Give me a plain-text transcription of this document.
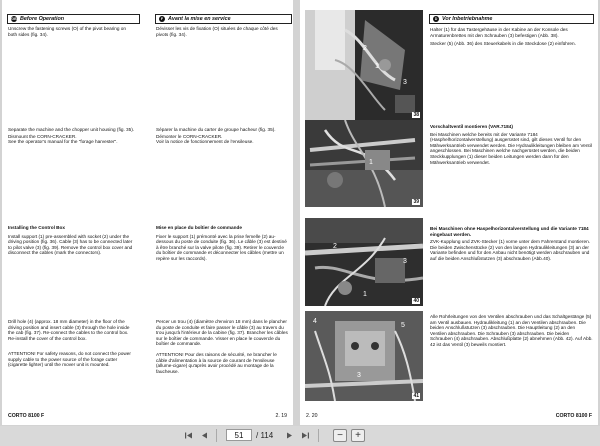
GB Before Operation	F Avant la mise en service

Unscrew the fastening screws (O) of the pivot bearing on both sides (fig. 34).

Separate the machine and the chopper unit housing (fig. 35).

Dismount the CORN-CRACKER.

See the operator's manual for the "forage harvester".

Installing the Control Box

Install support (1) pre-assembled with socket (2) under the driving position (fig. 36). Cable (3) has to be connected later to pilot valve (3) (fig. 39). Remove the control box cover and disconnect the cables (mark the connectors).

Drill hole (4) (approx. 18 mm diameter) in the floor of the driving position and insert cable (3) through the hole inside the cab (fig. 37). Re-connect the cables to the control box. Re-install the cover of the control box.

ATTENTION! For safety reasons, do not connect the power supply cable to the power source of the forage cutter (cigarette lighter) until the mover unit is mounted.

Dévisser les vis de fixation (O) situées de chaque côté des pivots (fig. 34).

Séparer la machine du carter de groupe hacheur (fig. 35).

Démonter le CORN-CRACKER.

Voir la notice de fonctionnement de l'ensileuse.

Mise en place du boîtier de commande

Fixer le support (1) prémonté avec la prise femelle (2) au-dessous du poste de conduite (fig. 36). Le câble (3) est destiné à être branché sur la valve pilote (fig. 39). Retirer le couvercle du boîtier de commande et déconnecter les câbles (mettre un repère sur les raccords).

Percer un trou (4) (diamètre d'environ 18 mm) dans le plancher du poste de conduite et faire passer le câble (3) au travers du trou jusqu'à l'intérieur de la cabine (fig. 37). Brancher les câbles sur le boîtier de commande. Visser en place le couvercle du boîtier de commande.

ATTENTION! Pour des raisons de sécurité, ne brancher le câble d'alimentation à la source de courant de l'ensileuse (allume-cigare) qu'après avoir procédé au montage de la faucheuse.

CORTO 8100 F	2. 19
D Vor Inbetriebnahme
2
1
3
38
1
39
2
3
1
40
4
5
3
41

Halter (1) für das Tastergehäuse in der Kabine an der Konsole des Armaturenbrettes mit den Schrauben (3) befestigen (Abb. 38).

Stecker (5) (Abb. 36) des Steuerkabels in die Steckdose (2) einführen.

Vorschaltventil montieren (VAR.7184)

Bei Maschinen welche bereits mit der Variante 7184 (Hasphelhorizontalverstellung) ausgerüstet sind, gilt dieses Ventil für den Mähwerksantrieb verwendet werden. Die Hydraulikleitungen bleiben am Ventil angeschlossen. Bei Maschinen welche nachgerüstet werden, die beiden Steckkupplungen (1) dieser beiden Leitungen werden dann für den Mähwerksantrieb verwendet.

Bei Maschinen ohne Haspelhorizontalverstellung und die Variante 7184 eingebaut werden.

ZVK-Kupplung und ZVK-Stecker (1) vorne unter dem Fahrerstand montieren. Die beiden Zwischenstücke (2) von den langen Hydraulikleitungen (3) an der Variante befinden und für den Anbau nicht benötigt werden abschrauben und auf die beiden Anschlußstutzen (3) abschrauben (Abb.40).

Alle Rohrleitungen von den Ventilen abschrauben und das Schaltgestänge (5) am Ventil ausbauen. Hydraulikleitung (1) an den Ventilen abschrauben. Die beiden Anschlußstutzen (3) abschrauben. Die Hauptleitung (2) an den Ventilen abschrauben. Die Schrauben (3) abschrauben. Die beiden Schrauben (4) abschrauben. Abschlußplatte (2) abnehmen (Abb. 42). Auf Abb. 42 ist das Ventil (3) beweils montiert.

2. 20	CORTO 8100 F
51	/ 114	−	+
